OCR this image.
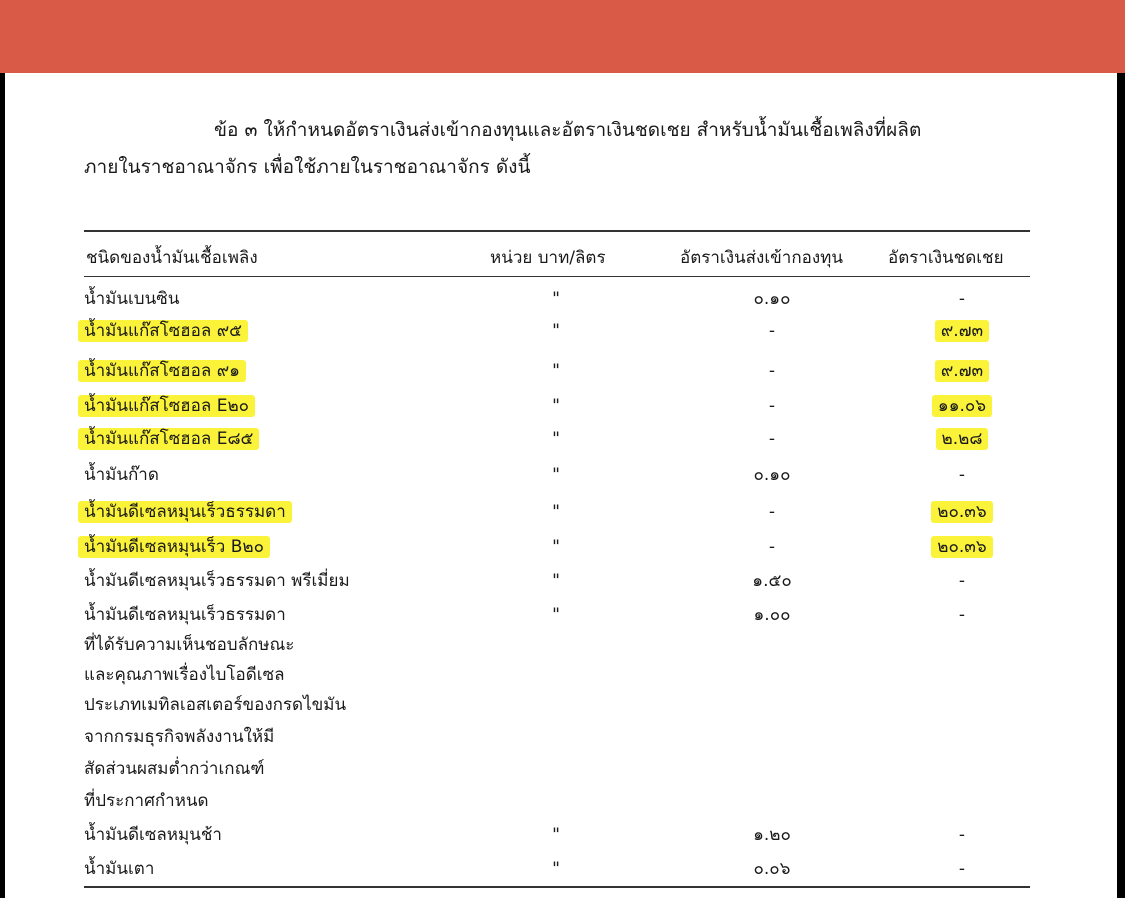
ข้อ ๓ ให้กำหนดอัตราเงินส่งเข้ากองทุนและอัตราเงินชดเชย สำหรับน้ำมันเชื้อเพลิงที่ผลิต
ภายในราชอาณาจักร เพื่อใช้ภายในราชอาณาจักร ดังนี้
ชนิดของน้ำมันเชื้อเพลิง	หน่วย บาท/ลิตร	อัตราเงินส่งเข้ากองทุน	อัตราเงินชดเชย
น้ำมันเบนซิน	"	๐.๑๐	-
น้ำมันแก๊สโซฮอล ๙๕	"	-	๙.๗๓
น้ำมันแก๊สโซฮอล ๙๑	"	-	๙.๗๓
น้ำมันแก๊สโซฮอล E๒๐	"	-	๑๑.๐๖
น้ำมันแก๊สโซฮอล E๘๕	"	-	๒.๒๘
น้ำมันก๊าด	"	๐.๑๐	-
น้ำมันดีเซลหมุนเร็วธรรมดา	"	-	๒๐.๓๖
น้ำมันดีเซลหมุนเร็ว B๒๐	"	-	๒๐.๓๖
น้ำมันดีเซลหมุนเร็วธรรมดา พรีเมี่ยม	"	๑.๕๐	-
น้ำมันดีเซลหมุนเร็วธรรมดา	"	๑.๐๐	-
ที่ได้รับความเห็นชอบลักษณะ
และคุณภาพเรื่องไบโอดีเซล
ประเภทเมทิลเอสเตอร์ของกรดไขมัน
จากกรมธุรกิจพลังงานให้มี
สัดส่วนผสมต่ำกว่าเกณฑ์
ที่ประกาศกำหนด
น้ำมันดีเซลหมุนช้า	"	๑.๒๐	-
น้ำมันเตา	"	๐.๐๖	-
